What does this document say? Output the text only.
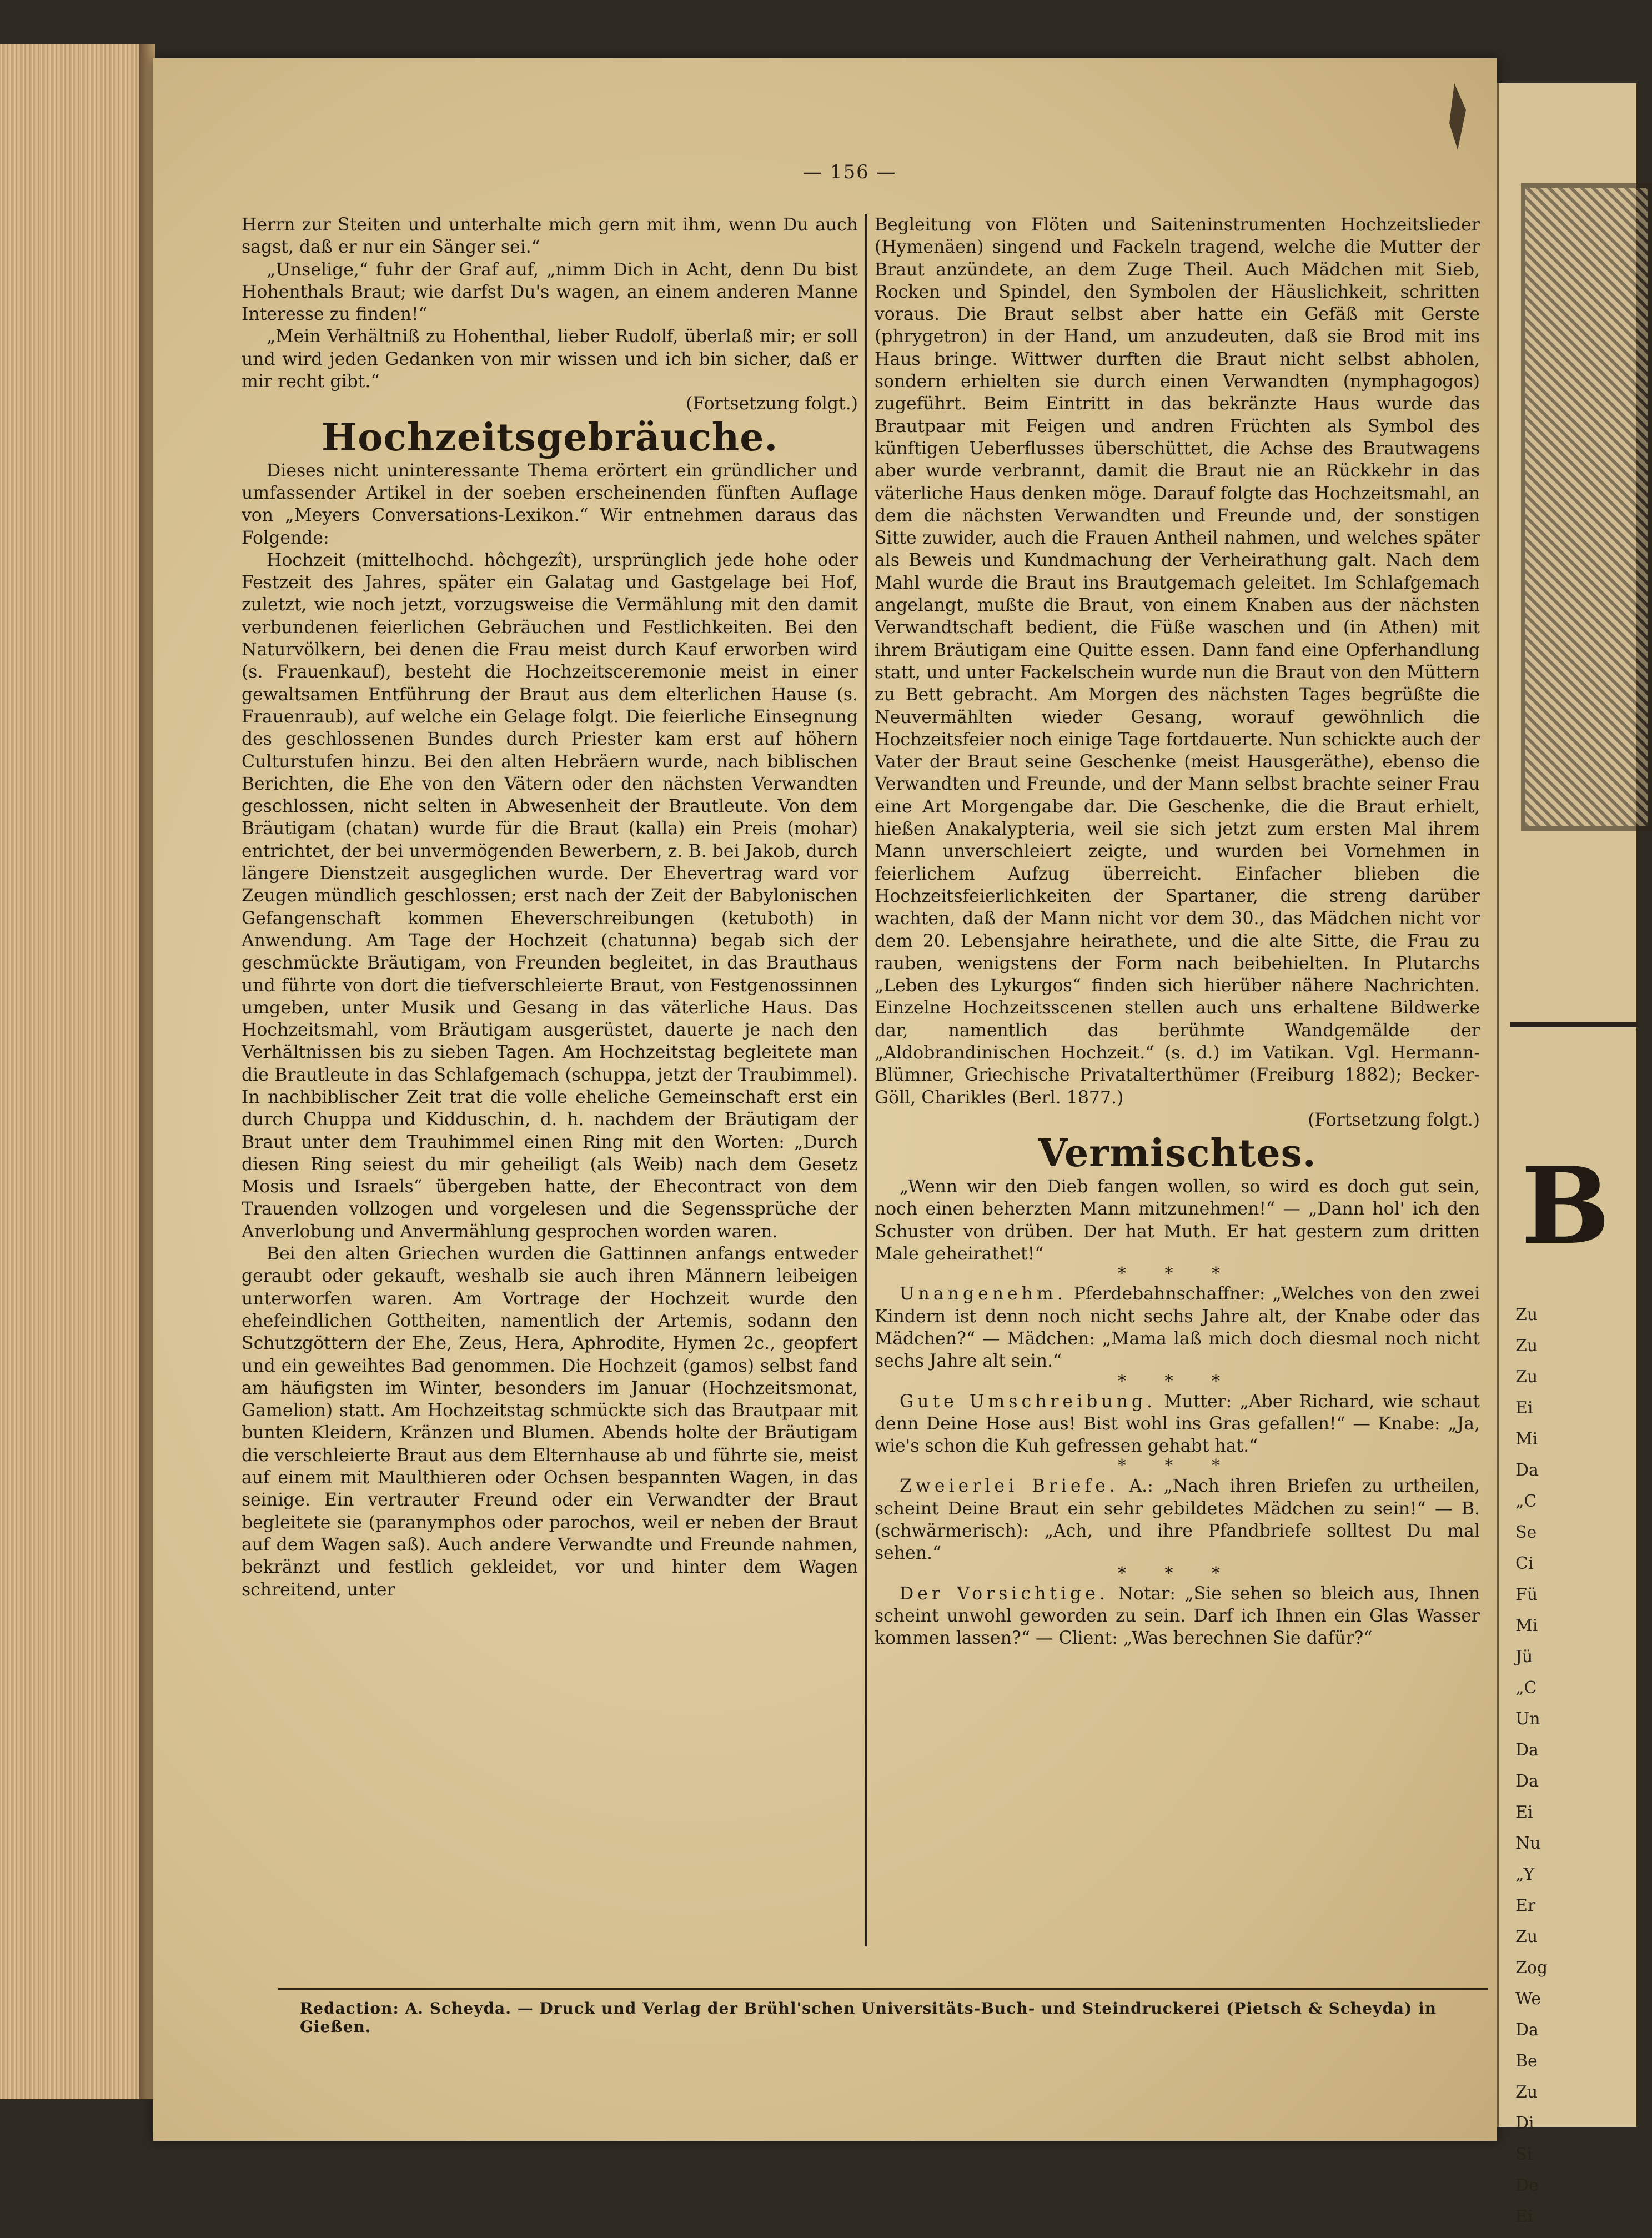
— 156 —

Herrn zur Steiten und unterhalte mich gern mit ihm, wenn Du auch sagst, daß er nur ein Sänger sei.“

„Unselige,“ fuhr der Graf auf, „nimm Dich in Acht, denn Du bist Hohenthals Braut; wie darfst Du's wagen, an einem anderen Manne Interesse zu finden!“

„Mein Verhältniß zu Hohenthal, lieber Rudolf, überlaß mir; er soll und wird jeden Gedanken von mir wissen und ich bin sicher, daß er mir recht gibt.“

(Fortsetzung folgt.)

Hochzeitsgebräuche.

Dieses nicht uninteressante Thema erörtert ein gründlicher und umfassender Artikel in der soeben erscheinenden fünften Auflage von „Meyers Conversations-Lexikon.“ Wir entnehmen daraus das Folgende:

Hochzeit (mittelhochd. hôchgezît), ursprünglich jede hohe oder Festzeit des Jahres, später ein Galatag und Gastgelage bei Hof, zuletzt, wie noch jetzt, vorzugsweise die Vermählung mit den damit verbundenen feierlichen Gebräuchen und Festlichkeiten. Bei den Naturvölkern, bei denen die Frau meist durch Kauf erworben wird (s. Frauenkauf), besteht die Hochzeitsceremonie meist in einer gewaltsamen Entführung der Braut aus dem elterlichen Hause (s. Frauenraub), auf welche ein Gelage folgt. Die feierliche Einsegnung des geschlossenen Bundes durch Priester kam erst auf höhern Culturstufen hinzu. Bei den alten Hebräern wurde, nach biblischen Berichten, die Ehe von den Vätern oder den nächsten Verwandten geschlossen, nicht selten in Abwesenheit der Brautleute. Von dem Bräutigam (chatan) wurde für die Braut (kalla) ein Preis (mohar) entrichtet, der bei unvermögenden Bewerbern, z. B. bei Jakob, durch längere Dienstzeit ausgeglichen wurde. Der Ehevertrag ward vor Zeugen mündlich geschlossen; erst nach der Zeit der Babylonischen Gefangenschaft kommen Eheverschreibungen (ketuboth) in Anwendung. Am Tage der Hochzeit (chatunna) begab sich der geschmückte Bräutigam, von Freunden begleitet, in das Brauthaus und führte von dort die tiefverschleierte Braut, von Festgenossinnen umgeben, unter Musik und Gesang in das väterliche Haus. Das Hochzeitsmahl, vom Bräutigam ausgerüstet, dauerte je nach den Verhältnissen bis zu sieben Tagen. Am Hochzeitstag begleitete man die Brautleute in das Schlafgemach (schuppa, jetzt der Traubimmel). In nachbiblischer Zeit trat die volle eheliche Gemeinschaft erst ein durch Chuppa und Kidduschin, d. h. nachdem der Bräutigam der Braut unter dem Trauhimmel einen Ring mit den Worten: „Durch diesen Ring seiest du mir geheiligt (als Weib) nach dem Gesetz Mosis und Israels“ übergeben hatte, der Ehecontract von dem Trauenden vollzogen und vorgelesen und die Segenssprüche der Anverlobung und Anvermählung gesprochen worden waren.

Bei den alten Griechen wurden die Gattinnen anfangs entweder geraubt oder gekauft, weshalb sie auch ihren Männern leibeigen unterworfen waren. Am Vortrage der Hochzeit wurde den ehefeindlichen Gottheiten, namentlich der Artemis, sodann den Schutzgöttern der Ehe, Zeus, Hera, Aphrodite, Hymen 2c., geopfert und ein geweihtes Bad genommen. Die Hochzeit (gamos) selbst fand am häufigsten im Winter, besonders im Januar (Hochzeitsmonat, Gamelion) statt. Am Hochzeitstag schmückte sich das Brautpaar mit bunten Kleidern, Kränzen und Blumen. Abends holte der Bräutigam die verschleierte Braut aus dem Elternhause ab und führte sie, meist auf einem mit Maulthieren oder Ochsen bespannten Wagen, in das seinige. Ein vertrauter Freund oder ein Verwandter der Braut begleitete sie (paranymphos oder parochos, weil er neben der Braut auf dem Wagen saß). Auch andere Verwandte und Freunde nahmen, bekränzt und festlich gekleidet, vor und hinter dem Wagen schreitend, unter

Begleitung von Flöten und Saiteninstrumenten Hochzeitslieder (Hymenäen) singend und Fackeln tragend, welche die Mutter der Braut anzündete, an dem Zuge Theil. Auch Mädchen mit Sieb, Rocken und Spindel, den Symbolen der Häuslichkeit, schritten voraus. Die Braut selbst aber hatte ein Gefäß mit Gerste (phrygetron) in der Hand, um anzudeuten, daß sie Brod mit ins Haus bringe. Wittwer durften die Braut nicht selbst abholen, sondern erhielten sie durch einen Verwandten (nymphagogos) zugeführt. Beim Eintritt in das bekränzte Haus wurde das Brautpaar mit Feigen und andren Früchten als Symbol des künftigen Ueberflusses überschüttet, die Achse des Brautwagens aber wurde verbrannt, damit die Braut nie an Rückkehr in das väterliche Haus denken möge. Darauf folgte das Hochzeitsmahl, an dem die nächsten Verwandten und Freunde und, der sonstigen Sitte zuwider, auch die Frauen Antheil nahmen, und welches später als Beweis und Kundmachung der Verheirathung galt. Nach dem Mahl wurde die Braut ins Brautgemach geleitet. Im Schlafgemach angelangt, mußte die Braut, von einem Knaben aus der nächsten Verwandtschaft bedient, die Füße waschen und (in Athen) mit ihrem Bräutigam eine Quitte essen. Dann fand eine Opferhandlung statt, und unter Fackelschein wurde nun die Braut von den Müttern zu Bett gebracht. Am Morgen des nächsten Tages begrüßte die Neuvermählten wieder Gesang, worauf gewöhnlich die Hochzeitsfeier noch einige Tage fortdauerte. Nun schickte auch der Vater der Braut seine Geschenke (meist Hausgeräthe), ebenso die Verwandten und Freunde, und der Mann selbst brachte seiner Frau eine Art Morgengabe dar. Die Geschenke, die die Braut erhielt, hießen Anakalypteria, weil sie sich jetzt zum ersten Mal ihrem Mann unverschleiert zeigte, und wurden bei Vornehmen in feierlichem Aufzug überreicht. Einfacher blieben die Hochzeitsfeierlichkeiten der Spartaner, die streng darüber wachten, daß der Mann nicht vor dem 30., das Mädchen nicht vor dem 20. Lebensjahre heirathete, und die alte Sitte, die Frau zu rauben, wenigstens der Form nach beibehielten. In Plutarchs „Leben des Lykurgos“ finden sich hierüber nähere Nachrichten. Einzelne Hochzeitsscenen stellen auch uns erhaltene Bildwerke dar, namentlich das berühmte Wandgemälde der „Aldobrandinischen Hochzeit.“ (s. d.) im Vatikan. Vgl. Hermann-Blümner, Griechische Privatalterthümer (Freiburg 1882); Becker-Göll, Charikles (Berl. 1877.)

(Fortsetzung folgt.)

Vermischtes.

„Wenn wir den Dieb fangen wollen, so wird es doch gut sein, noch einen beherzten Mann mitzunehmen!“ — „Dann hol' ich den Schuster von drüben. Der hat Muth. Er hat gestern zum dritten Male geheirathet!“

* * *

Unangenehm. Pferdebahnschaffner: „Welches von den zwei Kindern ist denn noch nicht sechs Jahre alt, der Knabe oder das Mädchen?“ — Mädchen: „Mama laß mich doch diesmal noch nicht sechs Jahre alt sein.“

* * *

Gute Umschreibung. Mutter: „Aber Richard, wie schaut denn Deine Hose aus! Bist wohl ins Gras gefallen!“ — Knabe: „Ja, wie's schon die Kuh gefressen gehabt hat.“

* * *

Zweierlei Briefe. A.: „Nach ihren Briefen zu urtheilen, scheint Deine Braut ein sehr gebildetes Mädchen zu sein!“ — B. (schwärmerisch): „Ach, und ihre Pfandbriefe solltest Du mal sehen.“

* * *

Der Vorsichtige. Notar: „Sie sehen so bleich aus, Ihnen scheint unwohl geworden zu sein. Darf ich Ihnen ein Glas Wasser kommen lassen?“ — Client: „Was berechnen Sie dafür?“

Redaction: A. Scheyda. — Druck und Verlag der Brühl'schen Universitäts-Buch- und Steindruckerei (Pietsch & Scheyda) in Gießen.
B
Zu
Zu
Zu
Ei
Mi
Da
„C
Se
Ci
Fü
Mi
Jü
„C
Un
Da
Da
Ei
Nu
„Y
Er
Zu
Zog
We
Da
Be
Zu
Di
Si
De
Ei
